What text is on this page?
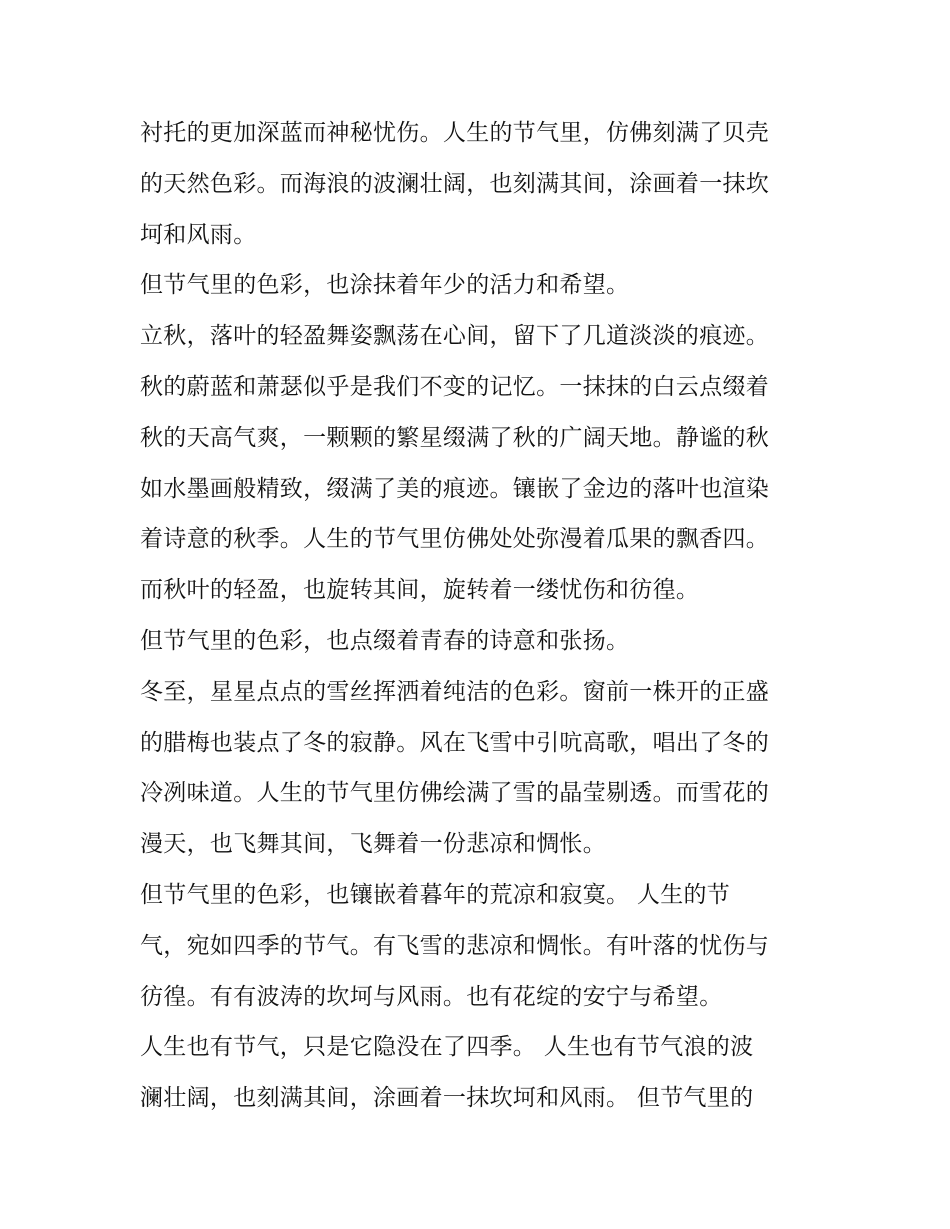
衬托的更加深蓝而神秘忧伤。人生的节气里，仿佛刻满了贝壳
的天然色彩。而海浪的波澜壮阔，也刻满其间，涂画着一抹坎
坷和风雨。
但节气里的色彩，也涂抹着年少的活力和希望。
立秋，落叶的轻盈舞姿飘荡在心间，留下了几道淡淡的痕迹。
秋的蔚蓝和萧瑟似乎是我们不变的记忆。一抹抹的白云点缀着
秋的天高气爽，一颗颗的繁星缀满了秋的广阔天地。静谧的秋
如水墨画般精致，缀满了美的痕迹。镶嵌了金边的落叶也渲染
着诗意的秋季。人生的节气里仿佛处处弥漫着瓜果的飘香四。
而秋叶的轻盈，也旋转其间，旋转着一缕忧伤和彷徨。
但节气里的色彩，也点缀着青春的诗意和张扬。
冬至，星星点点的雪丝挥洒着纯洁的色彩。窗前一株开的正盛
的腊梅也装点了冬的寂静。风在飞雪中引吭高歌，唱出了冬的
冷冽味道。人生的节气里仿佛绘满了雪的晶莹剔透。而雪花的
漫天，也飞舞其间，飞舞着一份悲凉和惆怅。
但节气里的色彩，也镶嵌着暮年的荒凉和寂寞。 人生的节
气，宛如四季的节气。有飞雪的悲凉和惆怅。有叶落的忧伤与
彷徨。有有波涛的坎坷与风雨。也有花绽的安宁与希望。
人生也有节气，只是它隐没在了四季。 人生也有节气浪的波
澜壮阔，也刻满其间，涂画着一抹坎坷和风雨。 但节气里的
